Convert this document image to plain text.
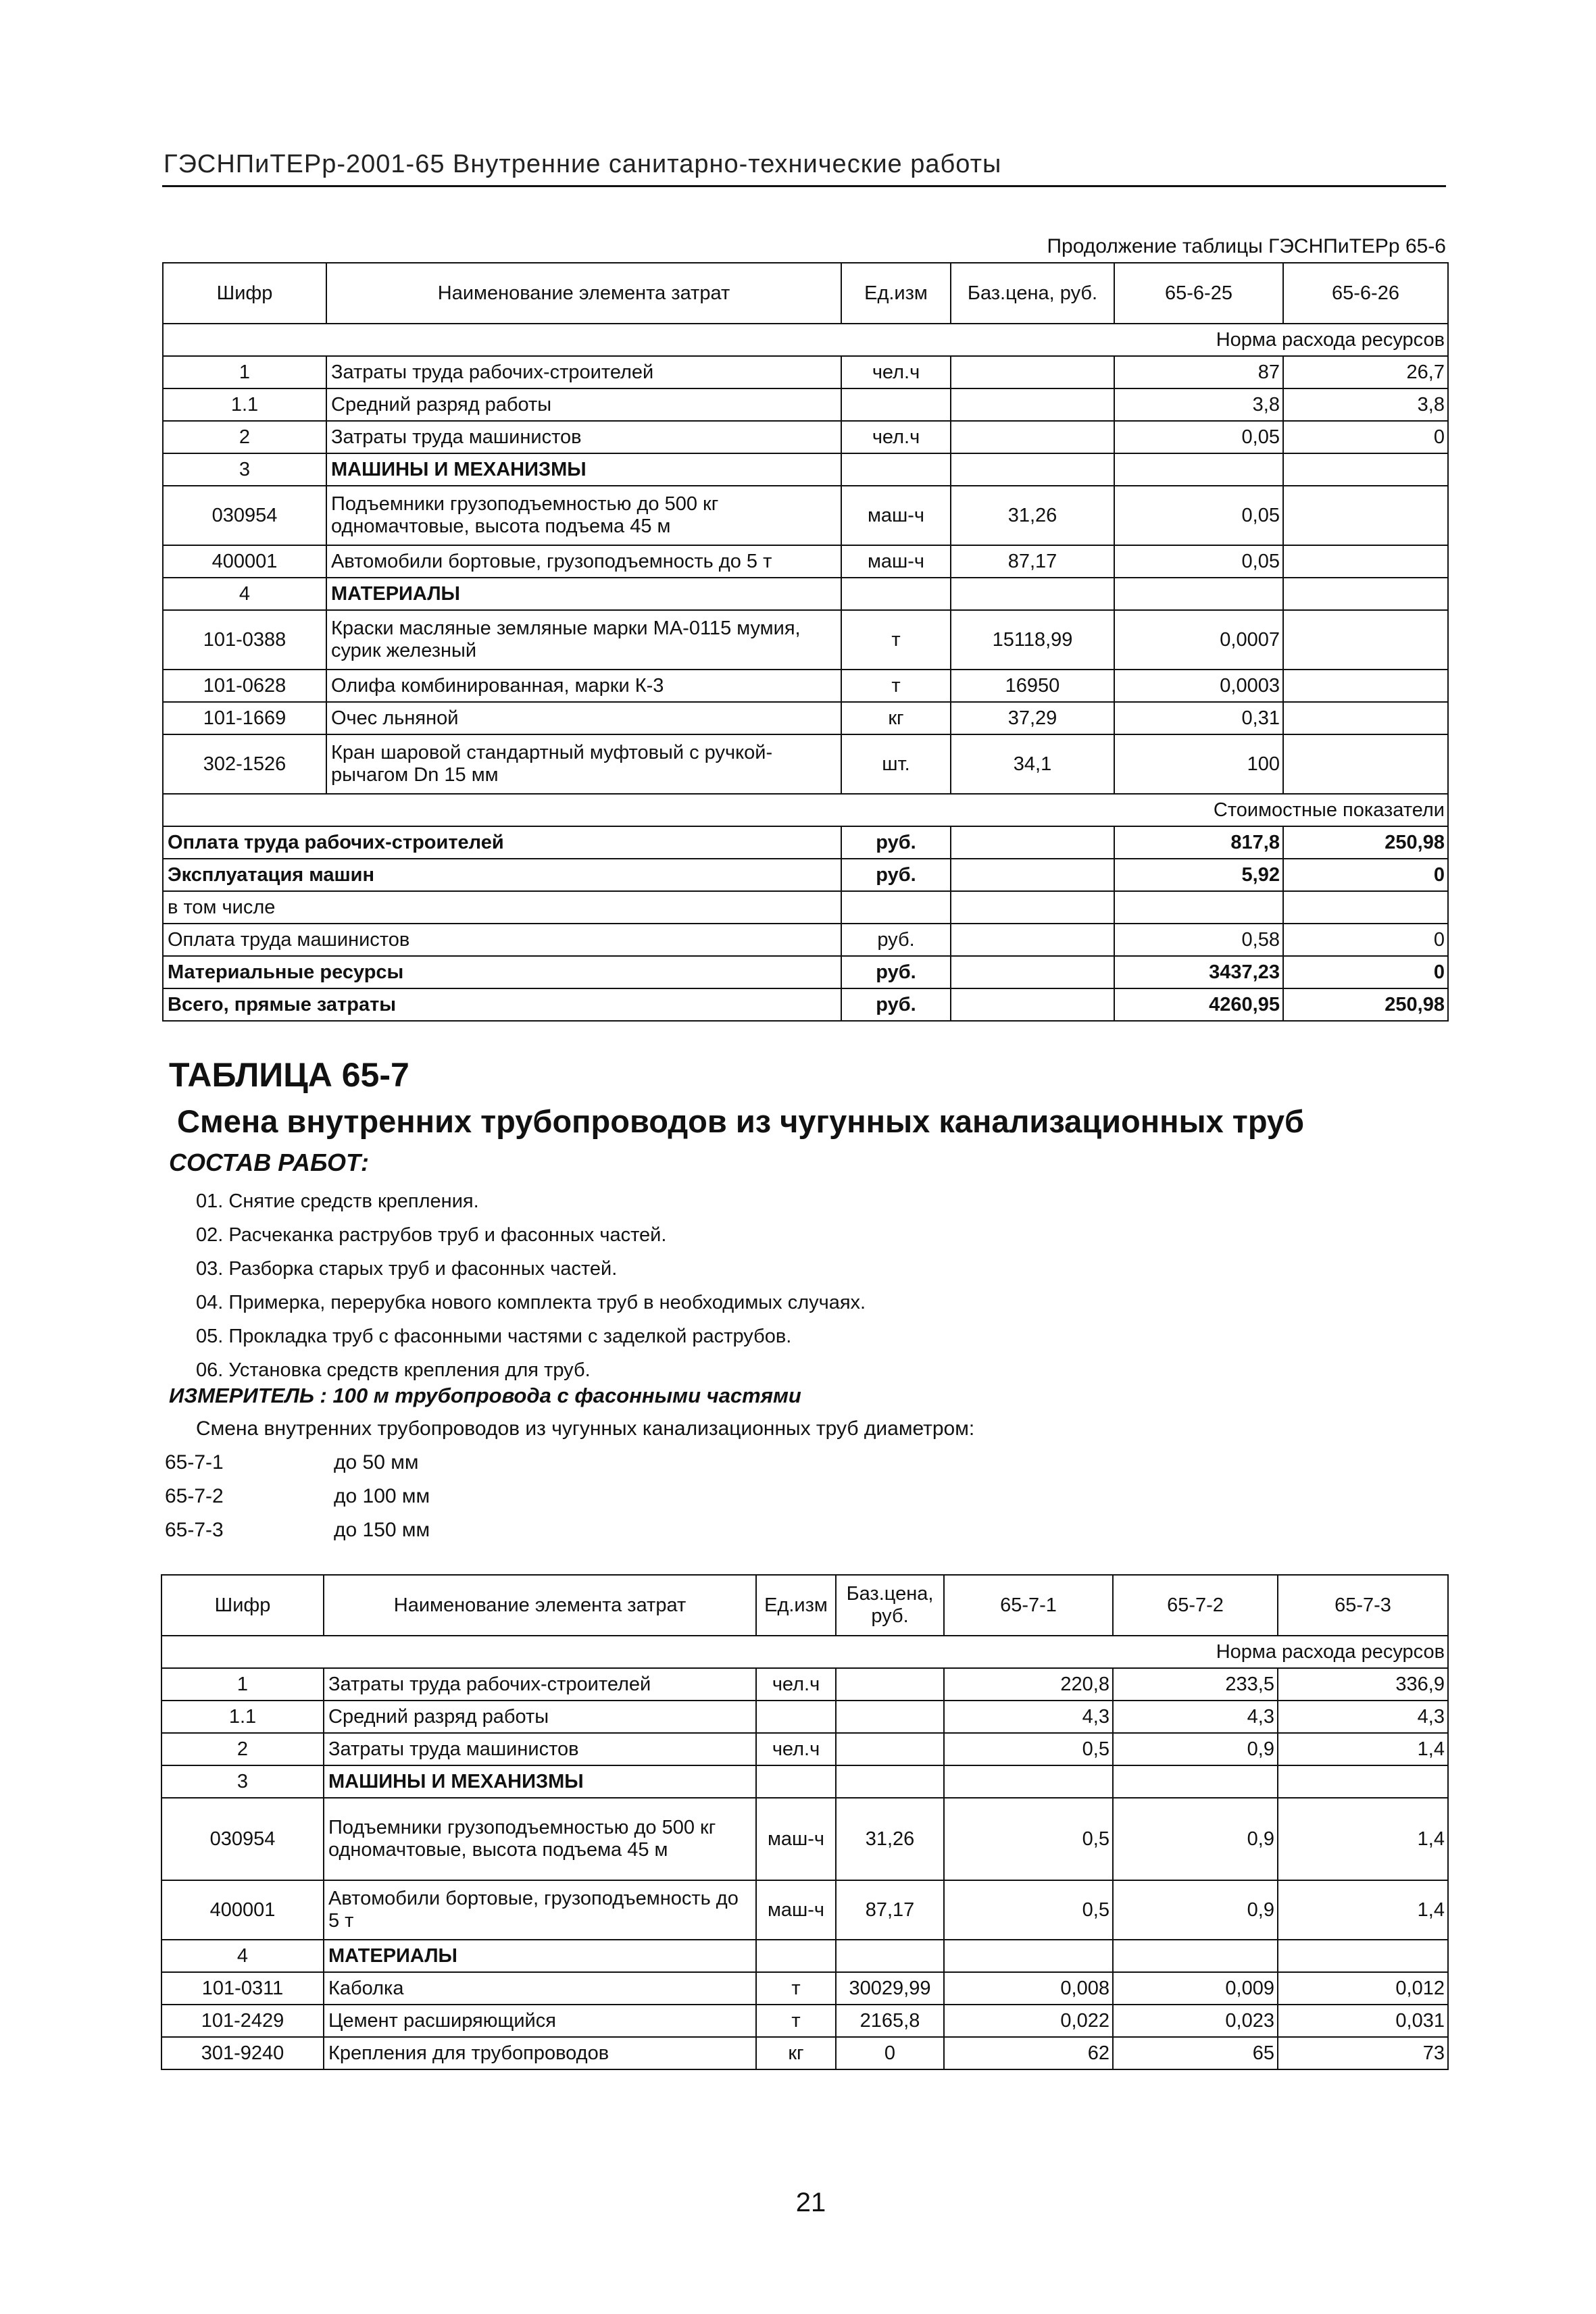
ГЭСНПиТЕРр-2001-65 Внутренние санитарно-технические работы
Продолжение таблицы ГЭСНПиТЕРр 65-6
Шифр	Наименование элемента затрат	Ед.изм	Баз.цена, руб.	65-6-25	65-6-26
Норма расхода ресурсов					
1	Затраты труда рабочих-строителей	чел.ч		87	26,7
1.1	Средний разряд работы			3,8	3,8
2	Затраты труда машинистов	чел.ч		0,05	0
3	МАШИНЫ И МЕХАНИЗМЫ				
030954	Подъемники грузоподъемностью до 500 кг одномачтовые, высота подъема 45 м	маш-ч	31,26	0,05	
400001	Автомобили бортовые, грузоподъемность до 5 т	маш-ч	87,17	0,05	
4	МАТЕРИАЛЫ				
101-0388	Краски масляные земляные марки МА-0115 мумия, сурик железный	т	15118,99	0,0007	
101-0628	Олифа комбинированная, марки К-3	т	16950	0,0003	
101-1669	Очес льняной	кг	37,29	0,31	
302-1526	Кран шаровой стандартный муфтовый с ручкой-рычагом Dn 15 мм	шт.	34,1	100	
Стоимостные показатели					
Оплата труда рабочих-строителей		руб.		817,8	250,98
Эксплуатация машин		руб.		5,92	0
в том числе					
Оплата труда машинистов		руб.		0,58	0
Материальные ресурсы		руб.		3437,23	0
Всего, прямые затраты		руб.		4260,95	250,98
ТАБЛИЦА 65-7
Смена внутренних трубопроводов из чугунных канализационных труб
СОСТАВ РАБОТ:
01. Снятие средств крепления.
02. Расчеканка раструбов труб и фасонных частей.
03. Разборка старых труб и фасонных частей.
04. Примерка, перерубка нового комплекта труб в необходимых случаях.
05. Прокладка труб с фасонными частями с заделкой раструбов.
06. Установка средств крепления для труб.
ИЗМЕРИТЕЛЬ : 100 м трубопровода с фасонными частями
Смена внутренних трубопроводов из чугунных канализационных труб диаметром:
65-7-1	до 50 мм
65-7-2	до 100 мм
65-7-3	до 150 мм
Шифр	Наименование элемента затрат	Ед.изм	Баз.цена, руб.	65-7-1	65-7-2	65-7-3
Норма расхода ресурсов						
1	Затраты труда рабочих-строителей	чел.ч		220,8	233,5	336,9
1.1	Средний разряд работы			4,3	4,3	4,3
2	Затраты труда машинистов	чел.ч		0,5	0,9	1,4
3	МАШИНЫ И МЕХАНИЗМЫ					
030954	Подъемники грузоподъемностью до 500 кг одномачтовые, высота подъема 45 м	маш-ч	31,26	0,5	0,9	1,4
400001	Автомобили бортовые, грузоподъемность до 5 т	маш-ч	87,17	0,5	0,9	1,4
4	МАТЕРИАЛЫ					
101-0311	Каболка	т	30029,99	0,008	0,009	0,012
101-2429	Цемент расширяющийся	т	2165,8	0,022	0,023	0,031
301-9240	Крепления для трубопроводов	кг	0	62	65	73
21
